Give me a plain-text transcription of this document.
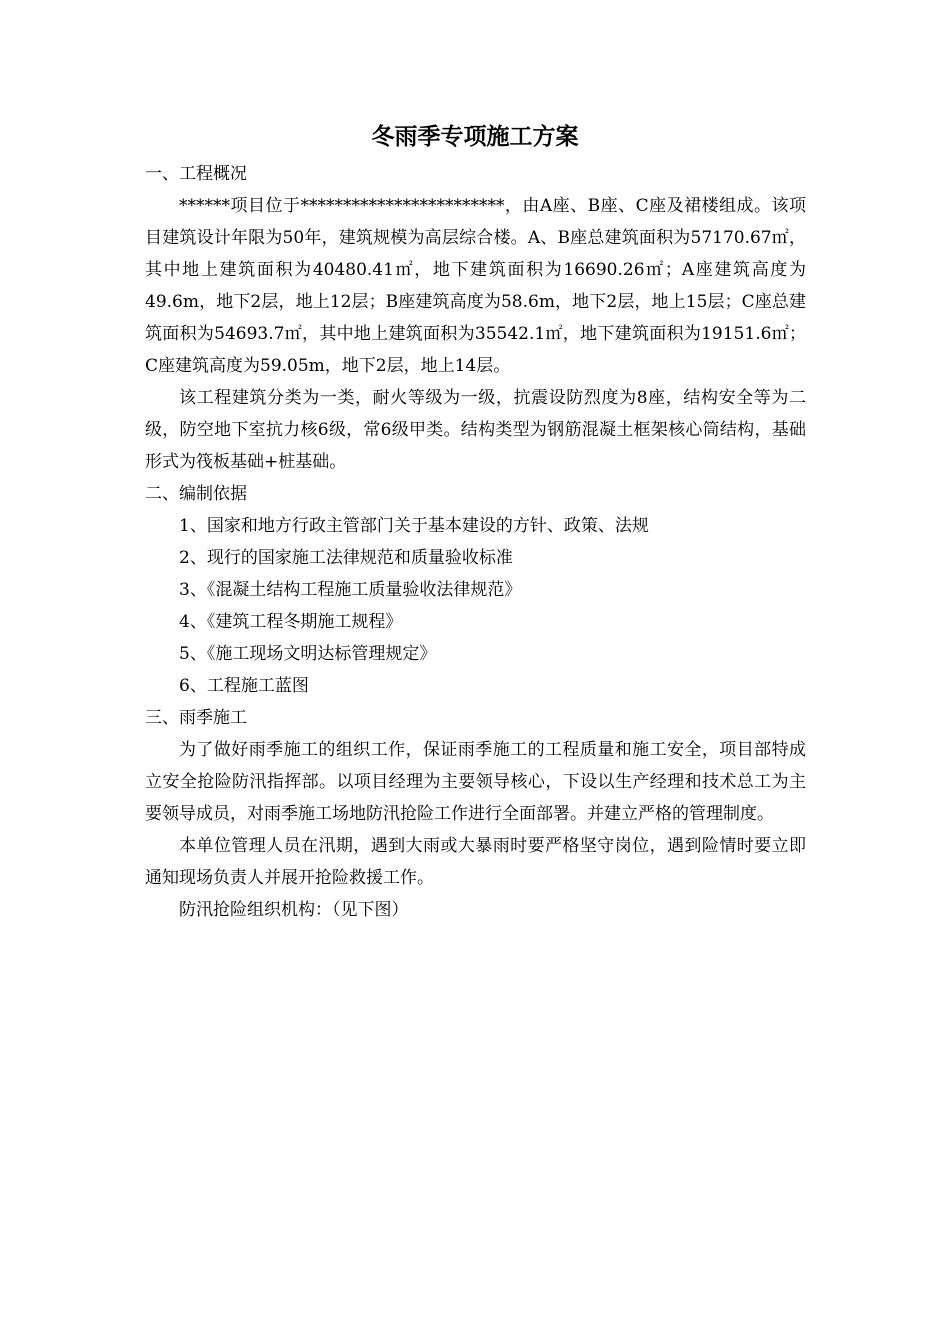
冬雨季专项施工方案
一、工程概况

******项目位于************************，由A座、B座、C座及裙楼组成。该项目建筑设计年限为50年，建筑规模为高层综合楼。A、B座总建筑面积为57170.67㎡，其中地上建筑面积为40480.41㎡，地下建筑面积为16690.26㎡；A座建筑高度为49.6m，地下2层，地上12层；B座建筑高度为58.6m，地下2层，地上15层；C座总建筑面积为54693.7㎡，其中地上建筑面积为35542.1㎡，地下建筑面积为19151.6㎡；C座建筑高度为59.05m，地下2层，地上14层。

该工程建筑分类为一类，耐火等级为一级，抗震设防烈度为8座，结构安全等为二级，防空地下室抗力核6级，常6级甲类。结构类型为钢筋混凝土框架核心筒结构，基础形式为筏板基础+桩基础。

二、编制依据
1、国家和地方行政主管部门关于基本建设的方针、政策、法规
2、现行的国家施工法律规范和质量验收标准
3、《混凝土结构工程施工质量验收法律规范》
4、《建筑工程冬期施工规程》
5、《施工现场文明达标管理规定》
6、工程施工蓝图
三、雨季施工

为了做好雨季施工的组织工作，保证雨季施工的工程质量和施工安全，项目部特成立安全抢险防汛指挥部。以项目经理为主要领导核心，下设以生产经理和技术总工为主要领导成员，对雨季施工场地防汛抢险工作进行全面部署。并建立严格的管理制度。

本单位管理人员在汛期，遇到大雨或大暴雨时要严格坚守岗位，遇到险情时要立即通知现场负责人并展开抢险救援工作。

防汛抢险组织机构：（见下图）
